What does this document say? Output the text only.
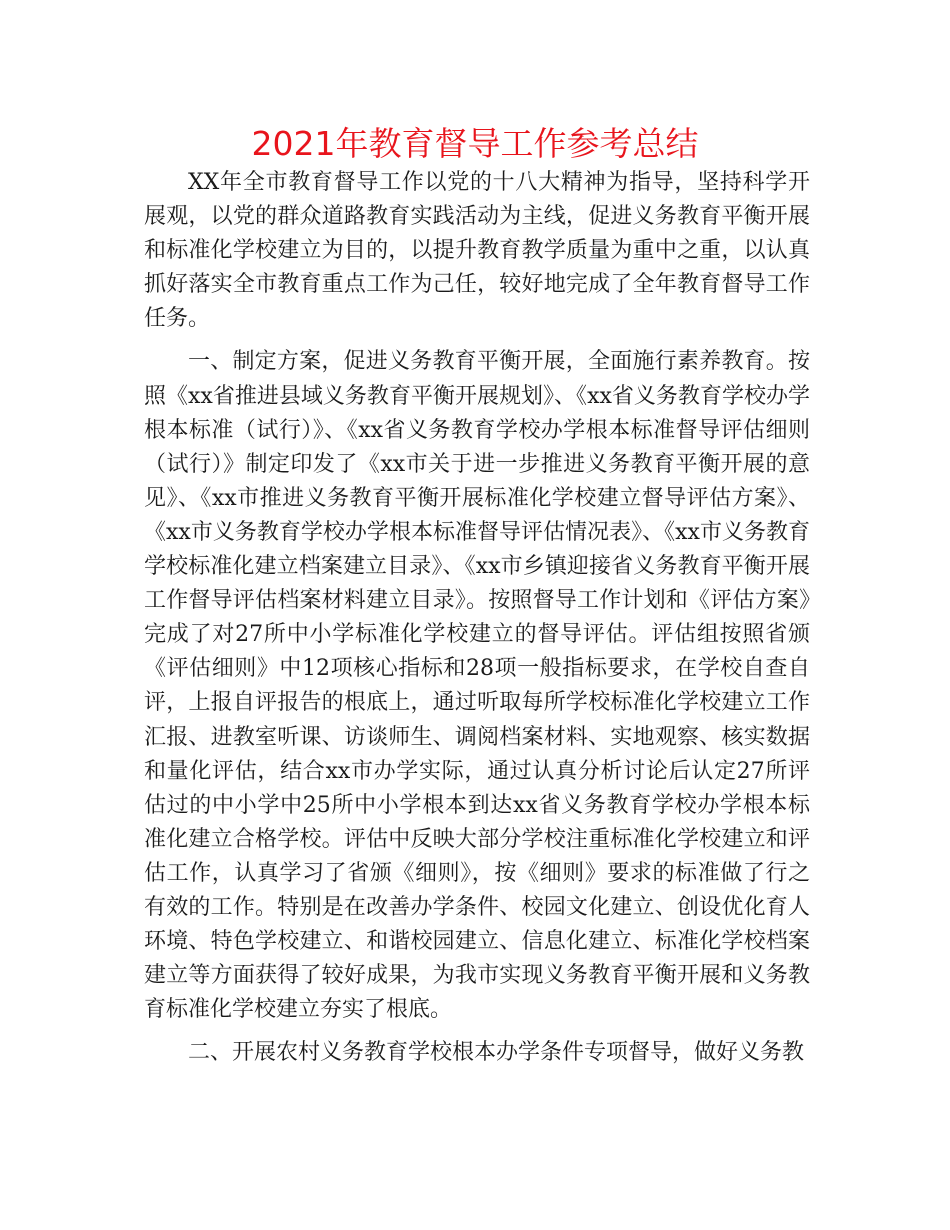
2021年教育督导工作参考总结

XX年全市教育督导工作以党的十八大精神为指导，坚持科学开展观，以党的群众道路教育实践活动为主线，促进义务教育平衡开展和标准化学校建立为目的，以提升教育教学质量为重中之重，以认真抓好落实全市教育重点工作为己任，较好地完成了全年教育督导工作任务。

一、制定方案，促进义务教育平衡开展，全面施行素养教育。按照《xx省推进县域义务教育平衡开展规划》、《xx省义务教育学校办学根本标准（试行）》、《xx省义务教育学校办学根本标准督导评估细则（试行）》制定印发了《xx市关于进一步推进义务教育平衡开展的意见》、《xx市推进义务教育平衡开展标准化学校建立督导评估方案》、《xx市义务教育学校办学根本标准督导评估情况表》、《xx市义务教育学校标准化建立档案建立目录》、《xx市乡镇迎接省义务教育平衡开展工作督导评估档案材料建立目录》。按照督导工作计划和《评估方案》完成了对27所中小学标准化学校建立的督导评估。评估组按照省颁《评估细则》中12项核心指标和28项一般指标要求，在学校自查自评，上报自评报告的根底上，通过听取每所学校标准化学校建立工作汇报、进教室听课、访谈师生、调阅档案材料、实地观察、核实数据和量化评估，结合xx市办学实际，通过认真分析讨论后认定27所评估过的中小学中25所中小学根本到达xx省义务教育学校办学根本标准化建立合格学校。评估中反映大部分学校注重标准化学校建立和评估工作，认真学习了省颁《细则》，按《细则》要求的标准做了行之有效的工作。特别是在改善办学条件、校园文化建立、创设优化育人环境、特色学校建立、和谐校园建立、信息化建立、标准化学校档案建立等方面获得了较好成果，为我市实现义务教育平衡开展和义务教育标准化学校建立夯实了根底。

二、开展农村义务教育学校根本办学条件专项督导，做好义务教
